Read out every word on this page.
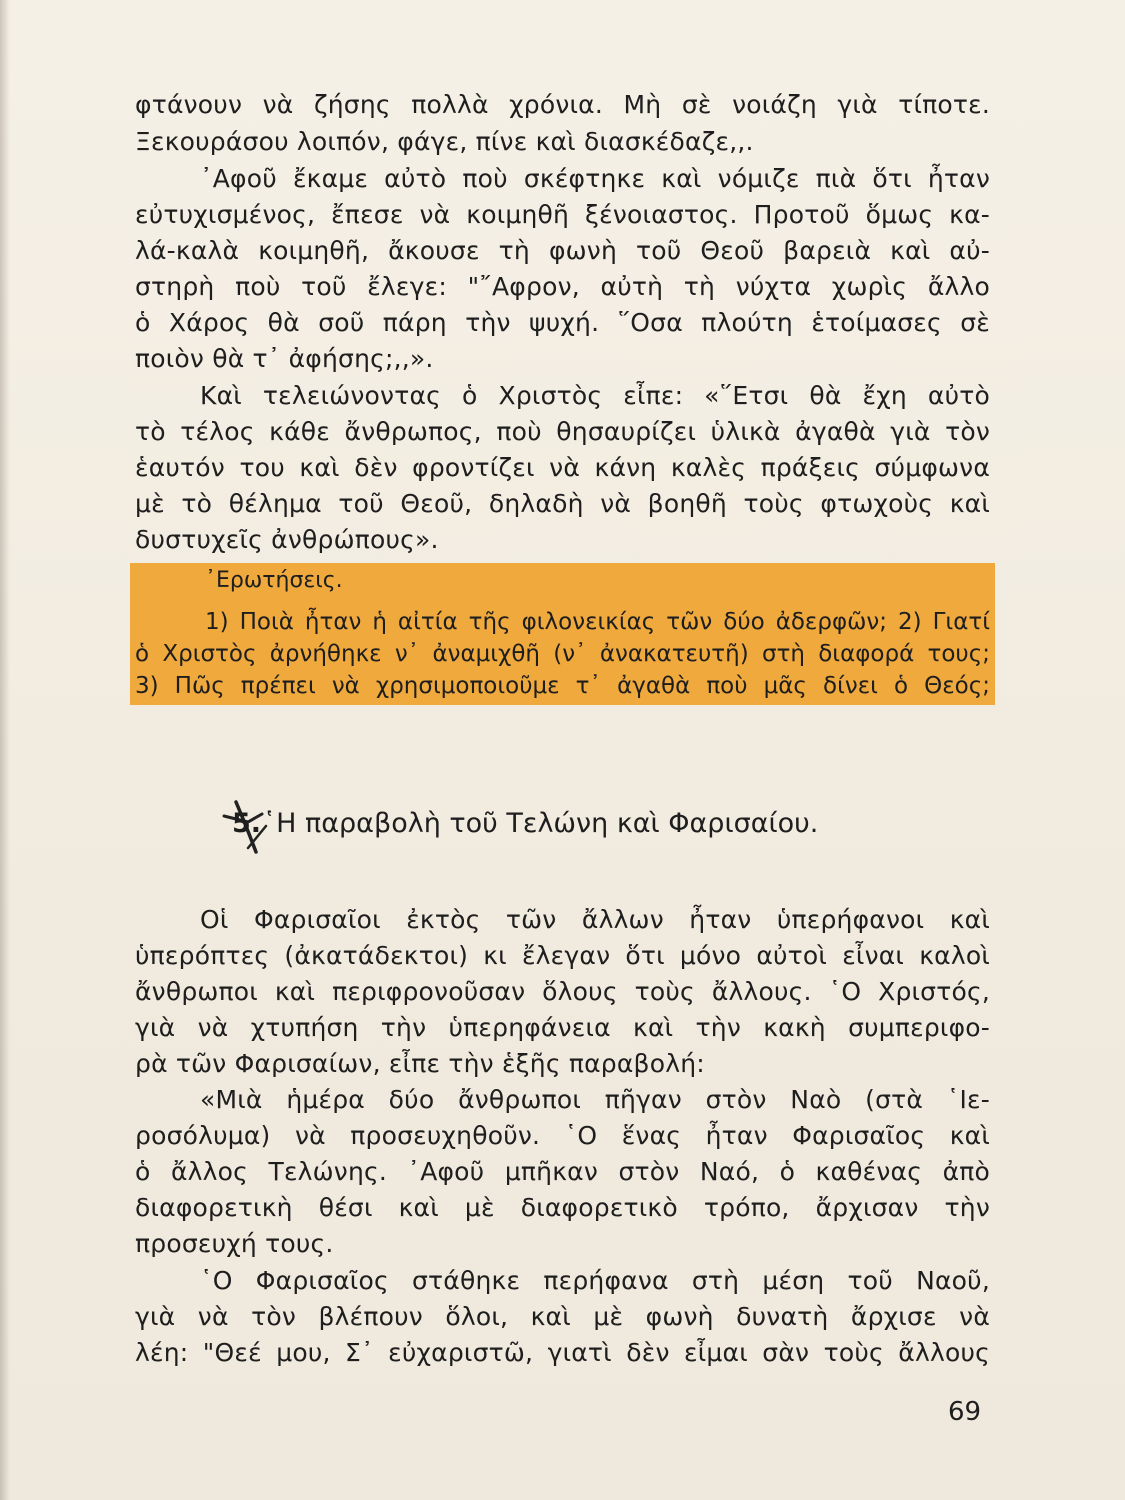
φτάνουν νὰ ζήσης πολλὰ χρόνια. Μὴ σὲ νοιάζη γιὰ τίποτε.
Ξεκουράσου λοιπόν, φάγε, πίνε καὶ διασκέδαζε,,.
᾿Αφοῦ ἔκαμε αὐτὸ ποὺ σκέφτηκε καὶ νόμιζε πιὰ ὅτι ἦταν
εὐτυχισμένος, ἔπεσε νὰ κοιμηθῆ ξένοιαστος. Προτοῦ ὅμως κα-
λά-καλὰ κοιμηθῆ, ἄκουσε τὴ φωνὴ τοῦ Θεοῦ βαρειὰ καὶ αὐ-
στηρὴ ποὺ τοῦ ἔλεγε: "῎Αφρον, αὐτὴ τὴ νύχτα χωρὶς ἄλλο
ὁ Χάρος θὰ σοῦ πάρη τὴν ψυχή. ῞Οσα πλούτη ἑτοίμασες σὲ
ποιὸν θὰ τ᾿ ἀφήσης;,,».
Καὶ τελειώνοντας ὁ Χριστὸς εἶπε: «῞Ετσι θὰ ἔχη αὐτὸ
τὸ τέλος κάθε ἄνθρωπος, ποὺ θησαυρίζει ὑλικὰ ἀγαθὰ γιὰ τὸν
ἑαυτόν του καὶ δὲν φροντίζει νὰ κάνη καλὲς πράξεις σύμφωνα
μὲ τὸ θέλημα τοῦ Θεοῦ, δηλαδὴ νὰ βοηθῆ τοὺς φτωχοὺς καὶ
δυστυχεῖς ἀνθρώπους».
᾿Ερωτήσεις.
1) Ποιὰ ἦταν ἡ αἰτία τῆς φιλονεικίας τῶν δύο ἀδερφῶν; 2) Γιατί
ὁ Χριστὸς ἀρνήθηκε ν᾿ ἀναμιχθῆ (ν᾿ ἀνακατευτῆ) στὴ διαφορά τους;
3) Πῶς πρέπει νὰ χρησιμοποιοῦμε τ᾿ ἀγαθὰ ποὺ μᾶς δίνει ὁ Θεός;
5. ῾Η παραβολὴ τοῦ Τελώνη καὶ Φαρισαίου.
Οἱ Φαρισαῖοι ἐκτὸς τῶν ἄλλων ἦταν ὑπερήφανοι καὶ
ὑπερόπτες (ἀκατάδεκτοι) κι ἔλεγαν ὅτι μόνο αὐτοὶ εἶναι καλοὶ
ἄνθρωποι καὶ περιφρονοῦσαν ὅλους τοὺς ἄλλους. ῾Ο Χριστός,
γιὰ νὰ χτυπήση τὴν ὑπερηφάνεια καὶ τὴν κακὴ συμπεριφο-
ρὰ τῶν Φαρισαίων, εἶπε τὴν ἑξῆς παραβολή:
«Μιὰ ἡμέρα δύο ἄνθρωποι πῆγαν στὸν Ναὸ (στὰ ῾Ιε-
ροσόλυμα) νὰ προσευχηθοῦν. ῾Ο ἕνας ἦταν Φαρισαῖος καὶ
ὁ ἄλλος Τελώνης. ᾿Αφοῦ μπῆκαν στὸν Ναό, ὁ καθένας ἀπὸ
διαφορετικὴ θέσι καὶ μὲ διαφορετικὸ τρόπο, ἄρχισαν τὴν
προσευχή τους.
῾Ο Φαρισαῖος στάθηκε περήφανα στὴ μέση τοῦ Ναοῦ,
γιὰ νὰ τὸν βλέπουν ὅλοι, καὶ μὲ φωνὴ δυνατὴ ἄρχισε νὰ
λέη: "Θεέ μου, Σ᾿ εὐχαριστῶ, γιατὶ δὲν εἶμαι σὰν τοὺς ἄλλους
69
